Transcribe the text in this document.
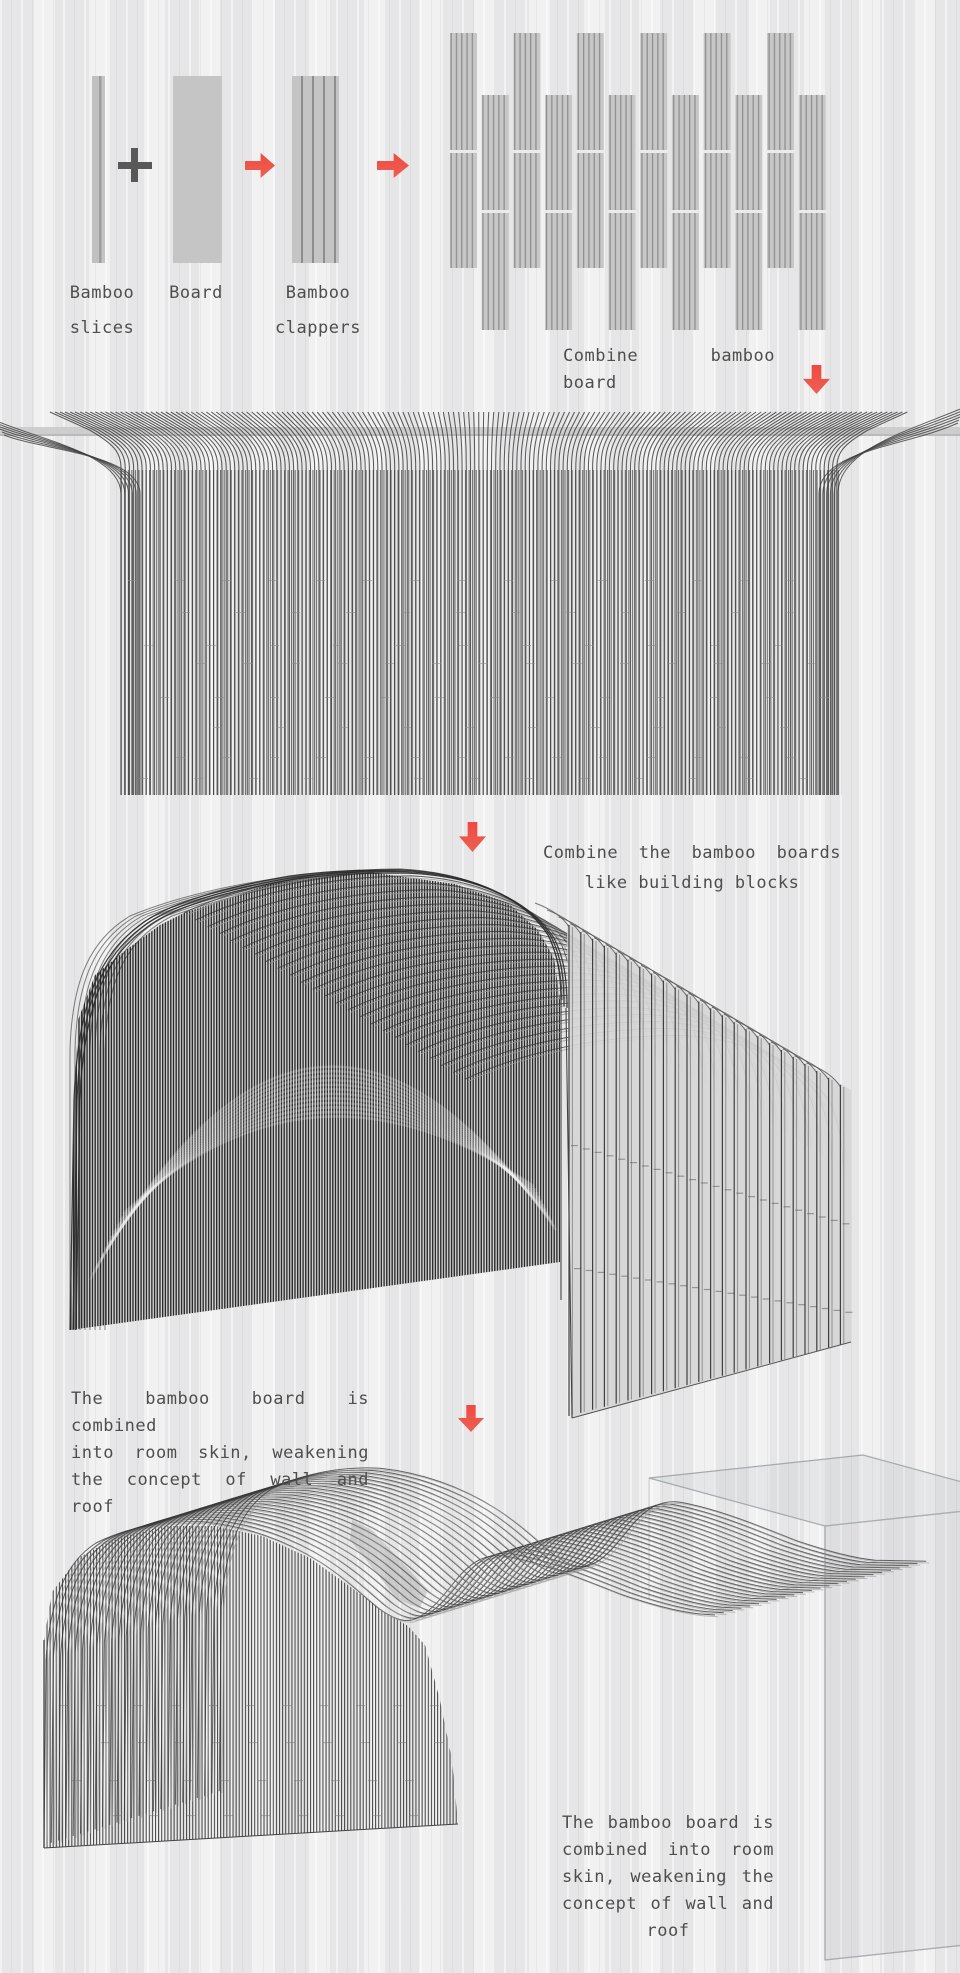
Bamboo
slices
Board	Bamboo
clappers
Combine bamboo board
Combine the bamboo boards
like building blocks
The bamboo board is combined
into room skin, weakening
the concept of wall and roof
The bamboo board is
combined into room
skin, weakening the
concept of wall and
roof
